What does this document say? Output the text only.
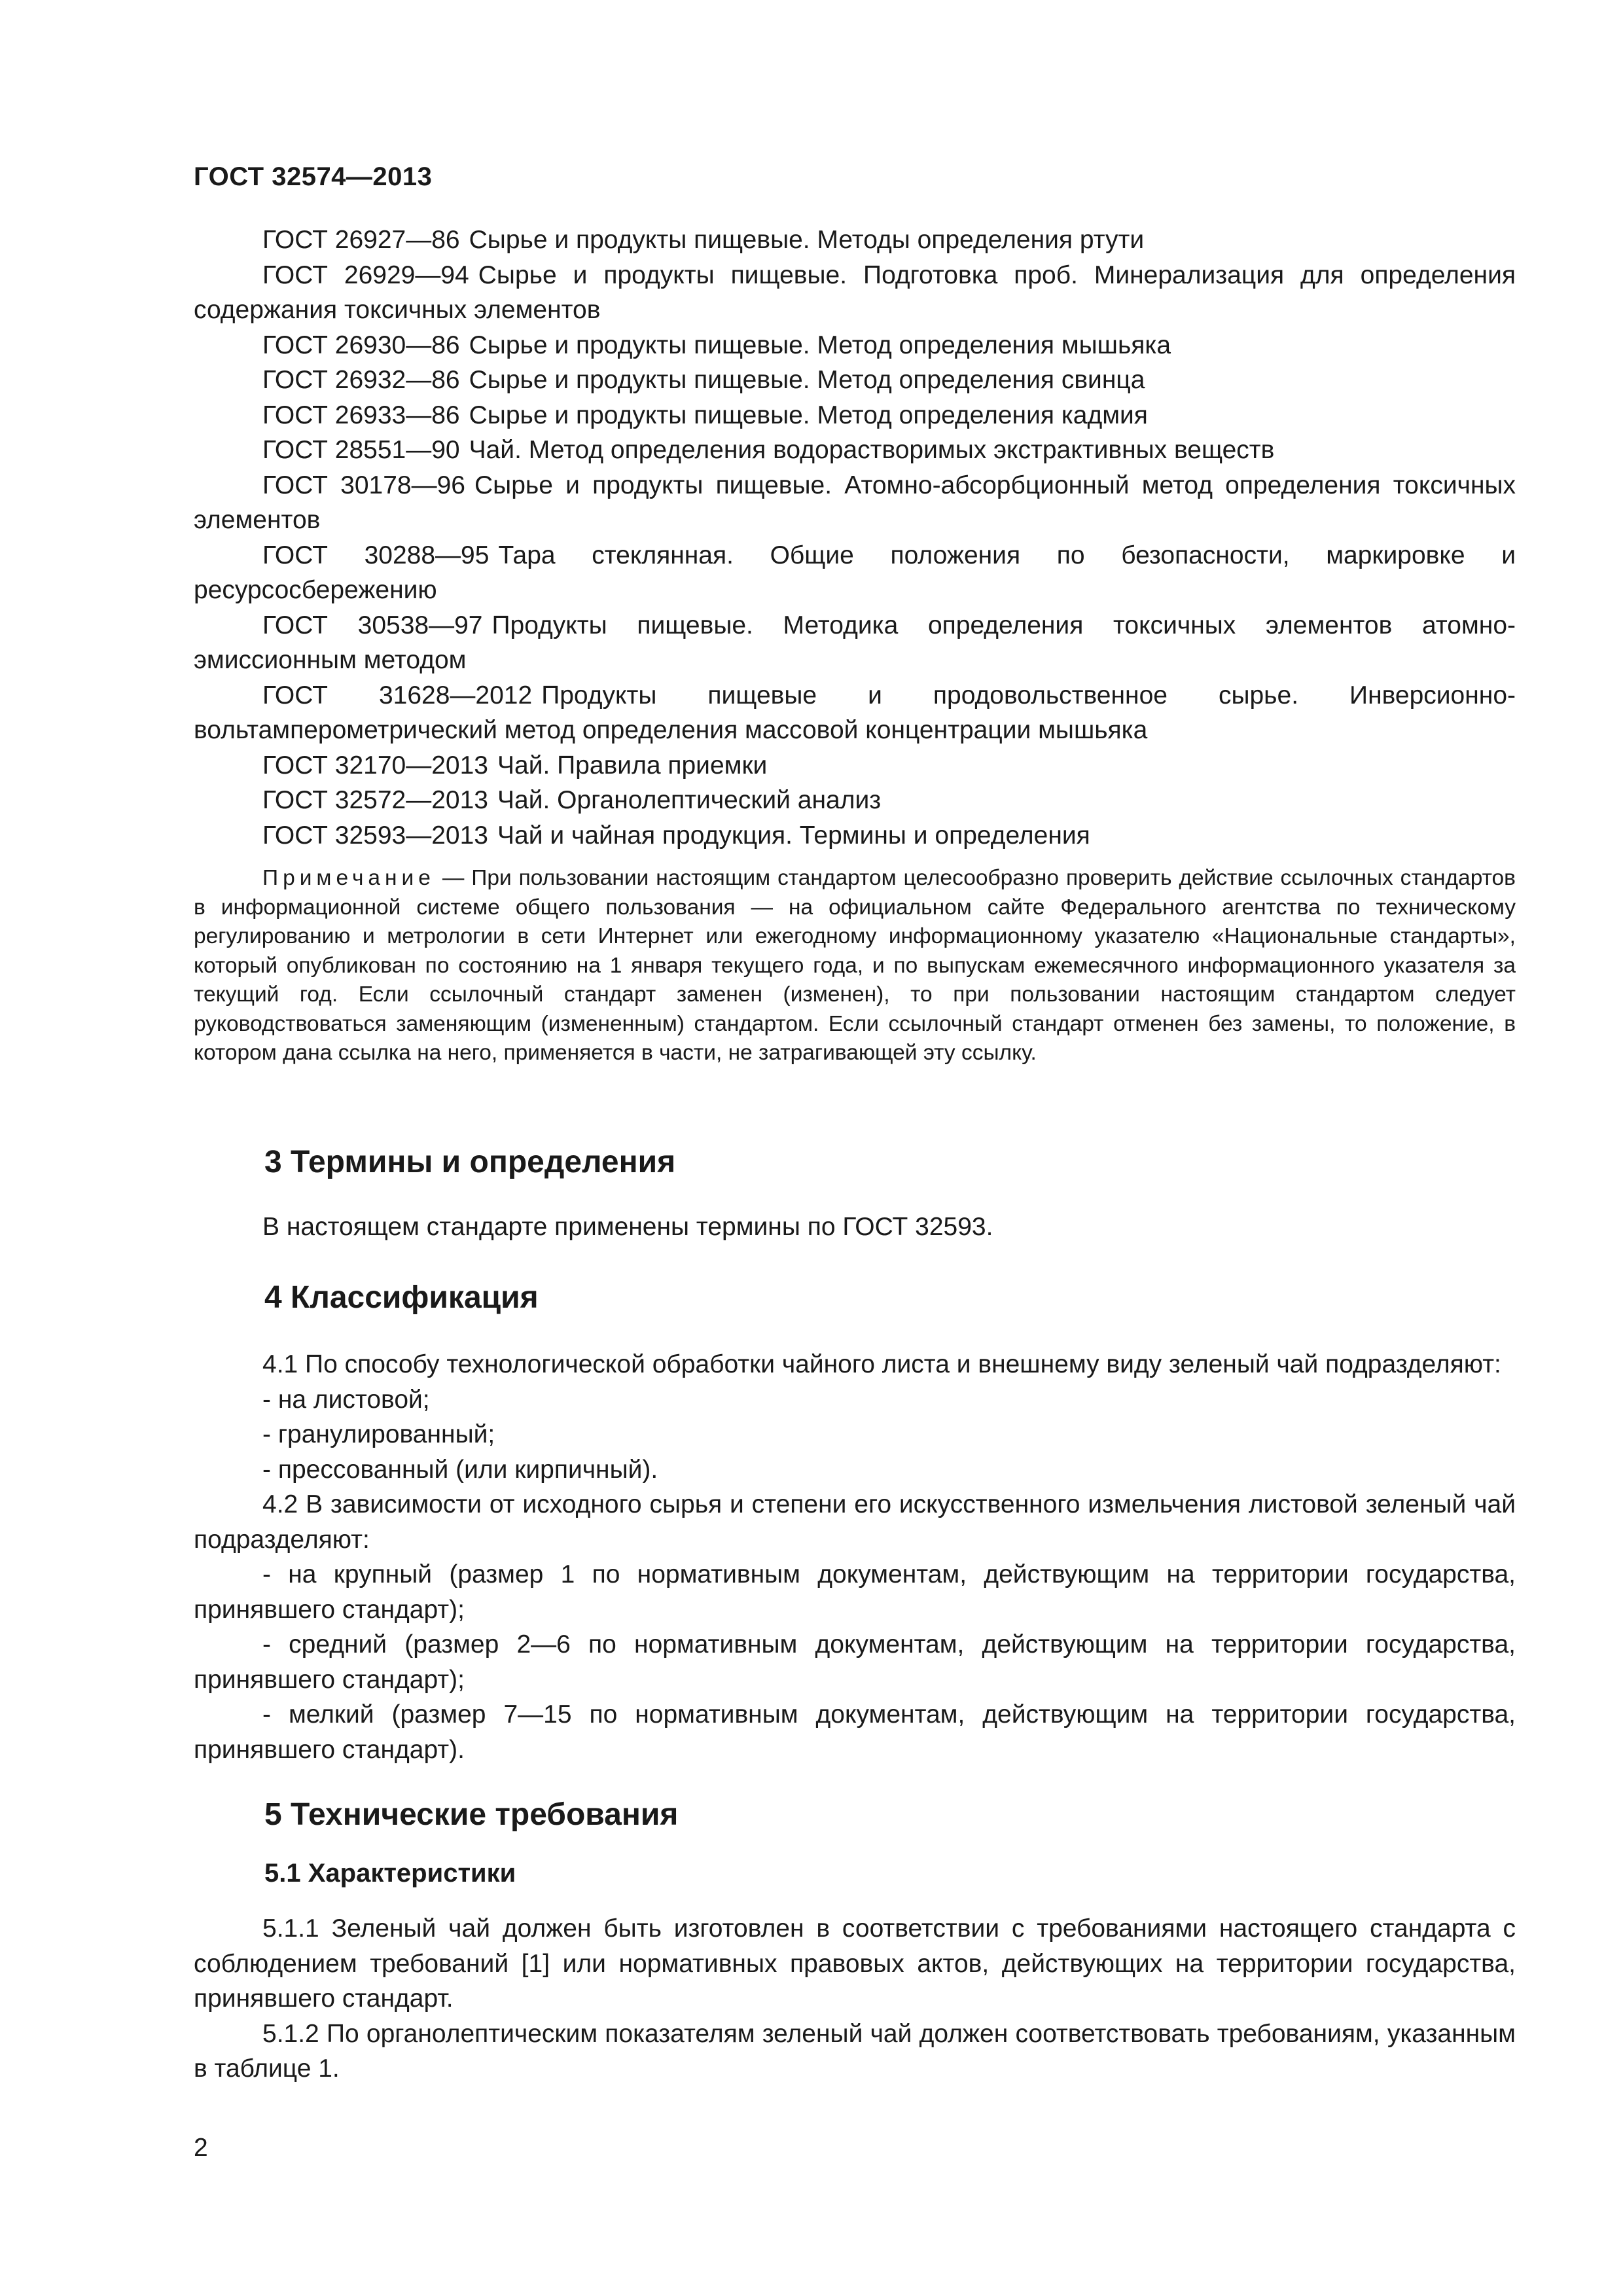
ГОСТ 32574—2013
ГОСТ 26927—86 Сырье и продукты пищевые. Методы определения ртути
ГОСТ 26929—94 Сырье и продукты пищевые. Подготовка проб. Минерализация для определения содержания токсичных элементов
ГОСТ 26930—86 Сырье и продукты пищевые. Метод определения мышьяка
ГОСТ 26932—86 Сырье и продукты пищевые. Метод определения свинца
ГОСТ 26933—86 Сырье и продукты пищевые. Метод определения кадмия
ГОСТ 28551—90 Чай. Метод определения водорастворимых экстрактивных веществ
ГОСТ 30178—96 Сырье и продукты пищевые. Атомно-абсорбционный метод определения токсичных элементов
ГОСТ 30288—95 Тара стеклянная. Общие положения по безопасности, маркировке и ресурсосбережению
ГОСТ 30538—97 Продукты пищевые. Методика определения токсичных элементов атомно-эмиссионным методом
ГОСТ 31628—2012 Продукты пищевые и продовольственное сырье. Инверсионно-вольтамперометрический метод определения массовой концентрации мышьяка
ГОСТ 32170—2013 Чай. Правила приемки
ГОСТ 32572—2013 Чай. Органолептический анализ
ГОСТ 32593—2013 Чай и чайная продукция. Термины и определения
Примечание — При пользовании настоящим стандартом целесообразно проверить действие ссылочных стандартов в информационной системе общего пользования — на официальном сайте Федерального агентства по техническому регулированию и метрологии в сети Интернет или ежегодному информационному указателю «Национальные стандарты», который опубликован по состоянию на 1 января текущего года, и по выпускам ежемесячного информационного указателя за текущий год. Если ссылочный стандарт заменен (изменен), то при пользовании настоящим стандартом следует руководствоваться заменяющим (измененным) стандартом. Если ссылочный стандарт отменен без замены, то положение, в котором дана ссылка на него, применяется в части, не затрагивающей эту ссылку.
3 Термины и определения

В настоящем стандарте применены термины по ГОСТ 32593.

4 Классификация

4.1 По способу технологической обработки чайного листа и внешнему виду зеленый чай подразделяют:

- на листовой;

- гранулированный;

- прессованный (или кирпичный).

4.2 В зависимости от исходного сырья и степени его искусственного измельчения листовой зеленый чай подразделяют:

- на крупный (размер 1 по нормативным документам, действующим на территории государства, принявшего стандарт);

- средний (размер 2—6 по нормативным документам, действующим на территории государства, принявшего стандарт);

- мелкий (размер 7—15 по нормативным документам, действующим на территории государства, принявшего стандарт).

5 Технические требования
5.1 Характеристики

5.1.1 Зеленый чай должен быть изготовлен в соответствии с требованиями настоящего стандарта с соблюдением требований [1] или нормативных правовых актов, действующих на территории государства, принявшего стандарт.

5.1.2 По органолептическим показателям зеленый чай должен соответствовать требованиям, указанным в таблице 1.

2
